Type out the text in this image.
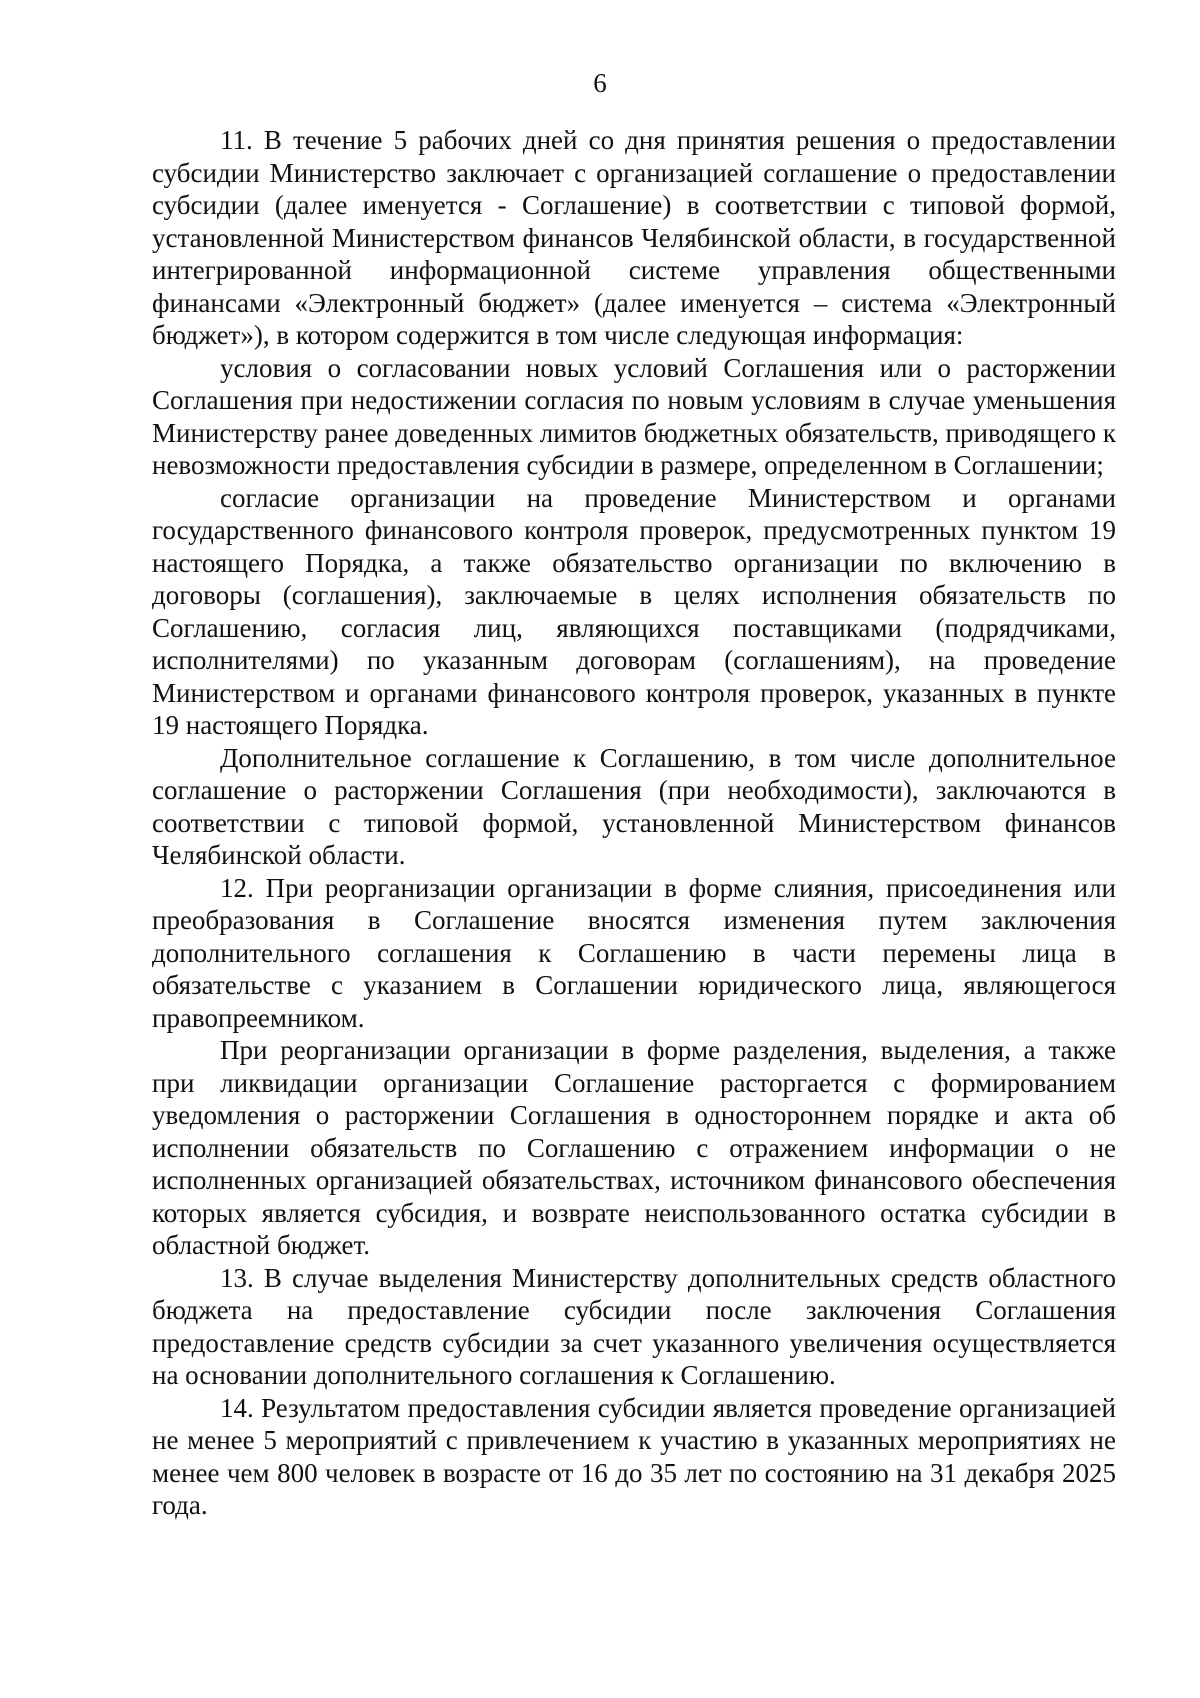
6

11. В течение 5 рабочих дней со дня принятия решения о предоставлении субсидии Министерство заключает с организацией соглашение о предоставлении субсидии (далее именуется - Соглашение) в соответствии с типовой формой, установленной Министерством финансов Челябинской области, в государственной интегрированной информационной системе управления общественными финансами «Электронный бюджет» (далее именуется – система «Электронный бюджет»), в котором содержится в том числе следующая информация:

условия о согласовании новых условий Соглашения или о расторжении Соглашения при недостижении согласия по новым условиям в случае уменьшения Министерству ранее доведенных лимитов бюджетных обязательств, приводящего к невозможности предоставления субсидии в размере, определенном в Соглашении;

согласие организации на проведение Министерством и органами государственного финансового контроля проверок, предусмотренных пунктом 19 настоящего Порядка, а также обязательство организации по включению в договоры (соглашения), заключаемые в целях исполнения обязательств по Соглашению, согласия лиц, являющихся поставщиками (подрядчиками, исполнителями) по указанным договорам (соглашениям), на проведение Министерством и органами финансового контроля проверок, указанных в пункте 19 настоящего Порядка.

Дополнительное соглашение к Соглашению, в том числе дополнительное соглашение о расторжении Соглашения (при необходимости), заключаются в соответствии с типовой формой, установленной Министерством финансов Челябинской области.

12. При реорганизации организации в форме слияния, присоединения или преобразования в Соглашение вносятся изменения путем заключения дополнительного соглашения к Соглашению в части перемены лица в обязательстве с указанием в Соглашении юридического лица, являющегося правопреемником.

При реорганизации организации в форме разделения, выделения, а также при ликвидации организации Соглашение расторгается с формированием уведомления о расторжении Соглашения в одностороннем порядке и акта об исполнении обязательств по Соглашению с отражением информации о не исполненных организацией обязательствах, источником финансового обеспечения которых является субсидия, и возврате неиспользованного остатка субсидии в областной бюджет.

13. В случае выделения Министерству дополнительных средств областного бюджета на предоставление субсидии после заключения Соглашения предоставление средств субсидии за счет указанного увеличения осуществляется на основании дополнительного соглашения к Соглашению.

14. Результатом предоставления субсидии является проведение организацией не менее 5 мероприятий с привлечением к участию в указанных мероприятиях не менее чем 800 человек в возрасте от 16 до 35 лет по состоянию на 31 декабря 2025 года.
